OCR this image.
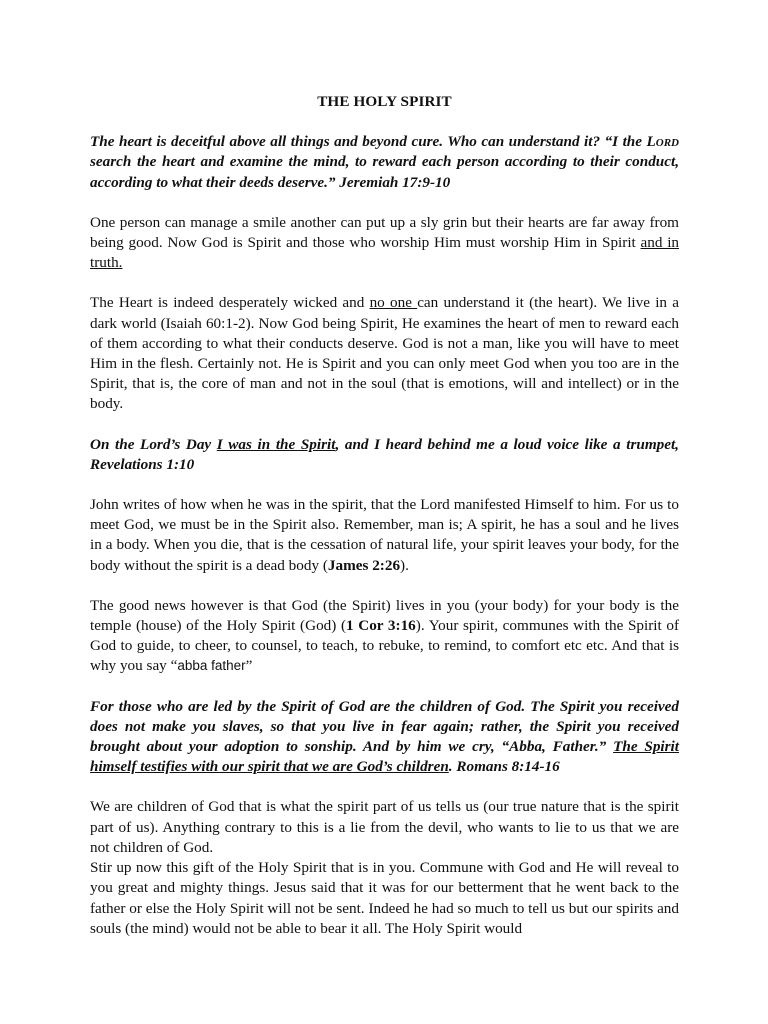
THE HOLY SPIRIT

The heart is deceitful above all things and beyond cure. Who can understand it? “I the Lord search the heart and examine the mind, to reward each person according to their conduct, according to what their deeds deserve.” Jeremiah 17:9-10

One person can manage a smile another can put up a sly grin but their hearts are far away from being good. Now God is Spirit and those who worship Him must worship Him in Spirit and in truth.

The Heart is indeed desperately wicked and no one can understand it (the heart). We live in a dark world (Isaiah 60:1-2). Now God being Spirit, He examines the heart of men to reward each of them according to what their conducts deserve. God is not a man, like you will have to meet Him in the flesh. Certainly not. He is Spirit and you can only meet God when you too are in the Spirit, that is, the core of man and not in the soul (that is emotions, will and intellect) or in the body.

On the Lord’s Day I was in the Spirit, and I heard behind me a loud voice like a trumpet, Revelations 1:10

John writes of how when he was in the spirit, that the Lord manifested Himself to him. For us to meet God, we must be in the Spirit also. Remember, man is; A spirit, he has a soul and he lives in a body. When you die, that is the cessation of natural life, your spirit leaves your body, for the body without the spirit is a dead body (James 2:26).

The good news however is that God (the Spirit) lives in you (your body) for your body is the temple (house) of the Holy Spirit (God) (1 Cor 3:16). Your spirit, communes with the Spirit of God to guide, to cheer, to counsel, to teach, to rebuke, to remind, to comfort etc etc. And that is why you say “abba father”

For those who are led by the Spirit of God are the children of God. The Spirit you received does not make you slaves, so that you live in fear again; rather, the Spirit you received brought about your adoption to sonship. And by him we cry, “Abba, Father.” The Spirit himself testifies with our spirit that we are God’s children. Romans 8:14-16

We are children of God that is what the spirit part of us tells us (our true nature that is the spirit part of us). Anything contrary to this is a lie from the devil, who wants to lie to us that we are not children of God.

Stir up now this gift of the Holy Spirit that is in you. Commune with God and He will reveal to you great and mighty things. Jesus said that it was for our betterment that he went back to the father or else the Holy Spirit will not be sent. Indeed he had so much to tell us but our spirits and souls (the mind) would not be able to bear it all. The Holy Spirit would
